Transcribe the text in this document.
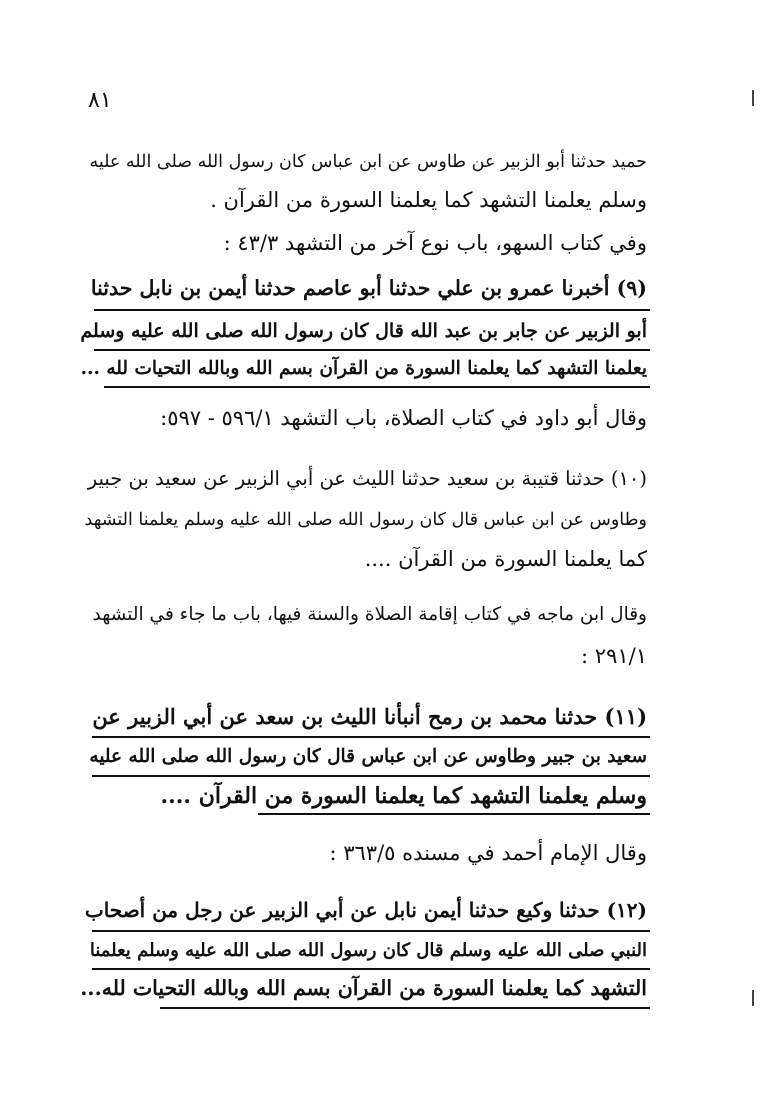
٨١
حميد حدثنا أبو الزبير عن طاوس عن ابن عباس كان رسول الله صلى الله عليه
وسلم يعلمنا التشهد كما يعلمنا السورة من القرآن .
وفي كتاب السهو، باب نوع آخر من التشهد ٤٣/٣ :
(٩) أخبرنا عمرو بن علي حدثنا أبو عاصم حدثنا أيمن بن نابل حدثنا
أبو الزبير عن جابر بن عبد الله قال كان رسول الله صلى الله عليه وسلم
يعلمنا التشهد كما يعلمنا السورة من القرآن بسم الله وبالله التحيات لله ...
وقال أبو داود في كتاب الصلاة، باب التشهد ٥٩٦/١ - ٥٩٧:
(١٠) حدثنا قتيبة بن سعيد حدثنا الليث عن أبي الزبير عن سعيد بن جبير
وطاوس عن ابن عباس قال كان رسول الله صلى الله عليه وسلم يعلمنا التشهد
كما يعلمنا السورة من القرآن ....
وقال ابن ماجه في كتاب إقامة الصلاة والسنة فيها، باب ما جاء في التشهد
٢٩١/١ :
(١١) حدثنا محمد بن رمح أنبأنا الليث بن سعد عن أبي الزبير عن
سعيد بن جبير وطاوس عن ابن عباس قال كان رسول الله صلى الله عليه
وسلم يعلمنا التشهد كما يعلمنا السورة من القرآن ....
وقال الإمام أحمد في مسنده ٣٦٣/٥ :
(١٢) حدثنا وكيع حدثنا أيمن نابل عن أبي الزبير عن رجل من أصحاب
النبي صلى الله عليه وسلم قال كان رسول الله صلى الله عليه وسلم يعلمنا
التشهد كما يعلمنا السورة من القرآن بسم الله وبالله التحيات لله...
